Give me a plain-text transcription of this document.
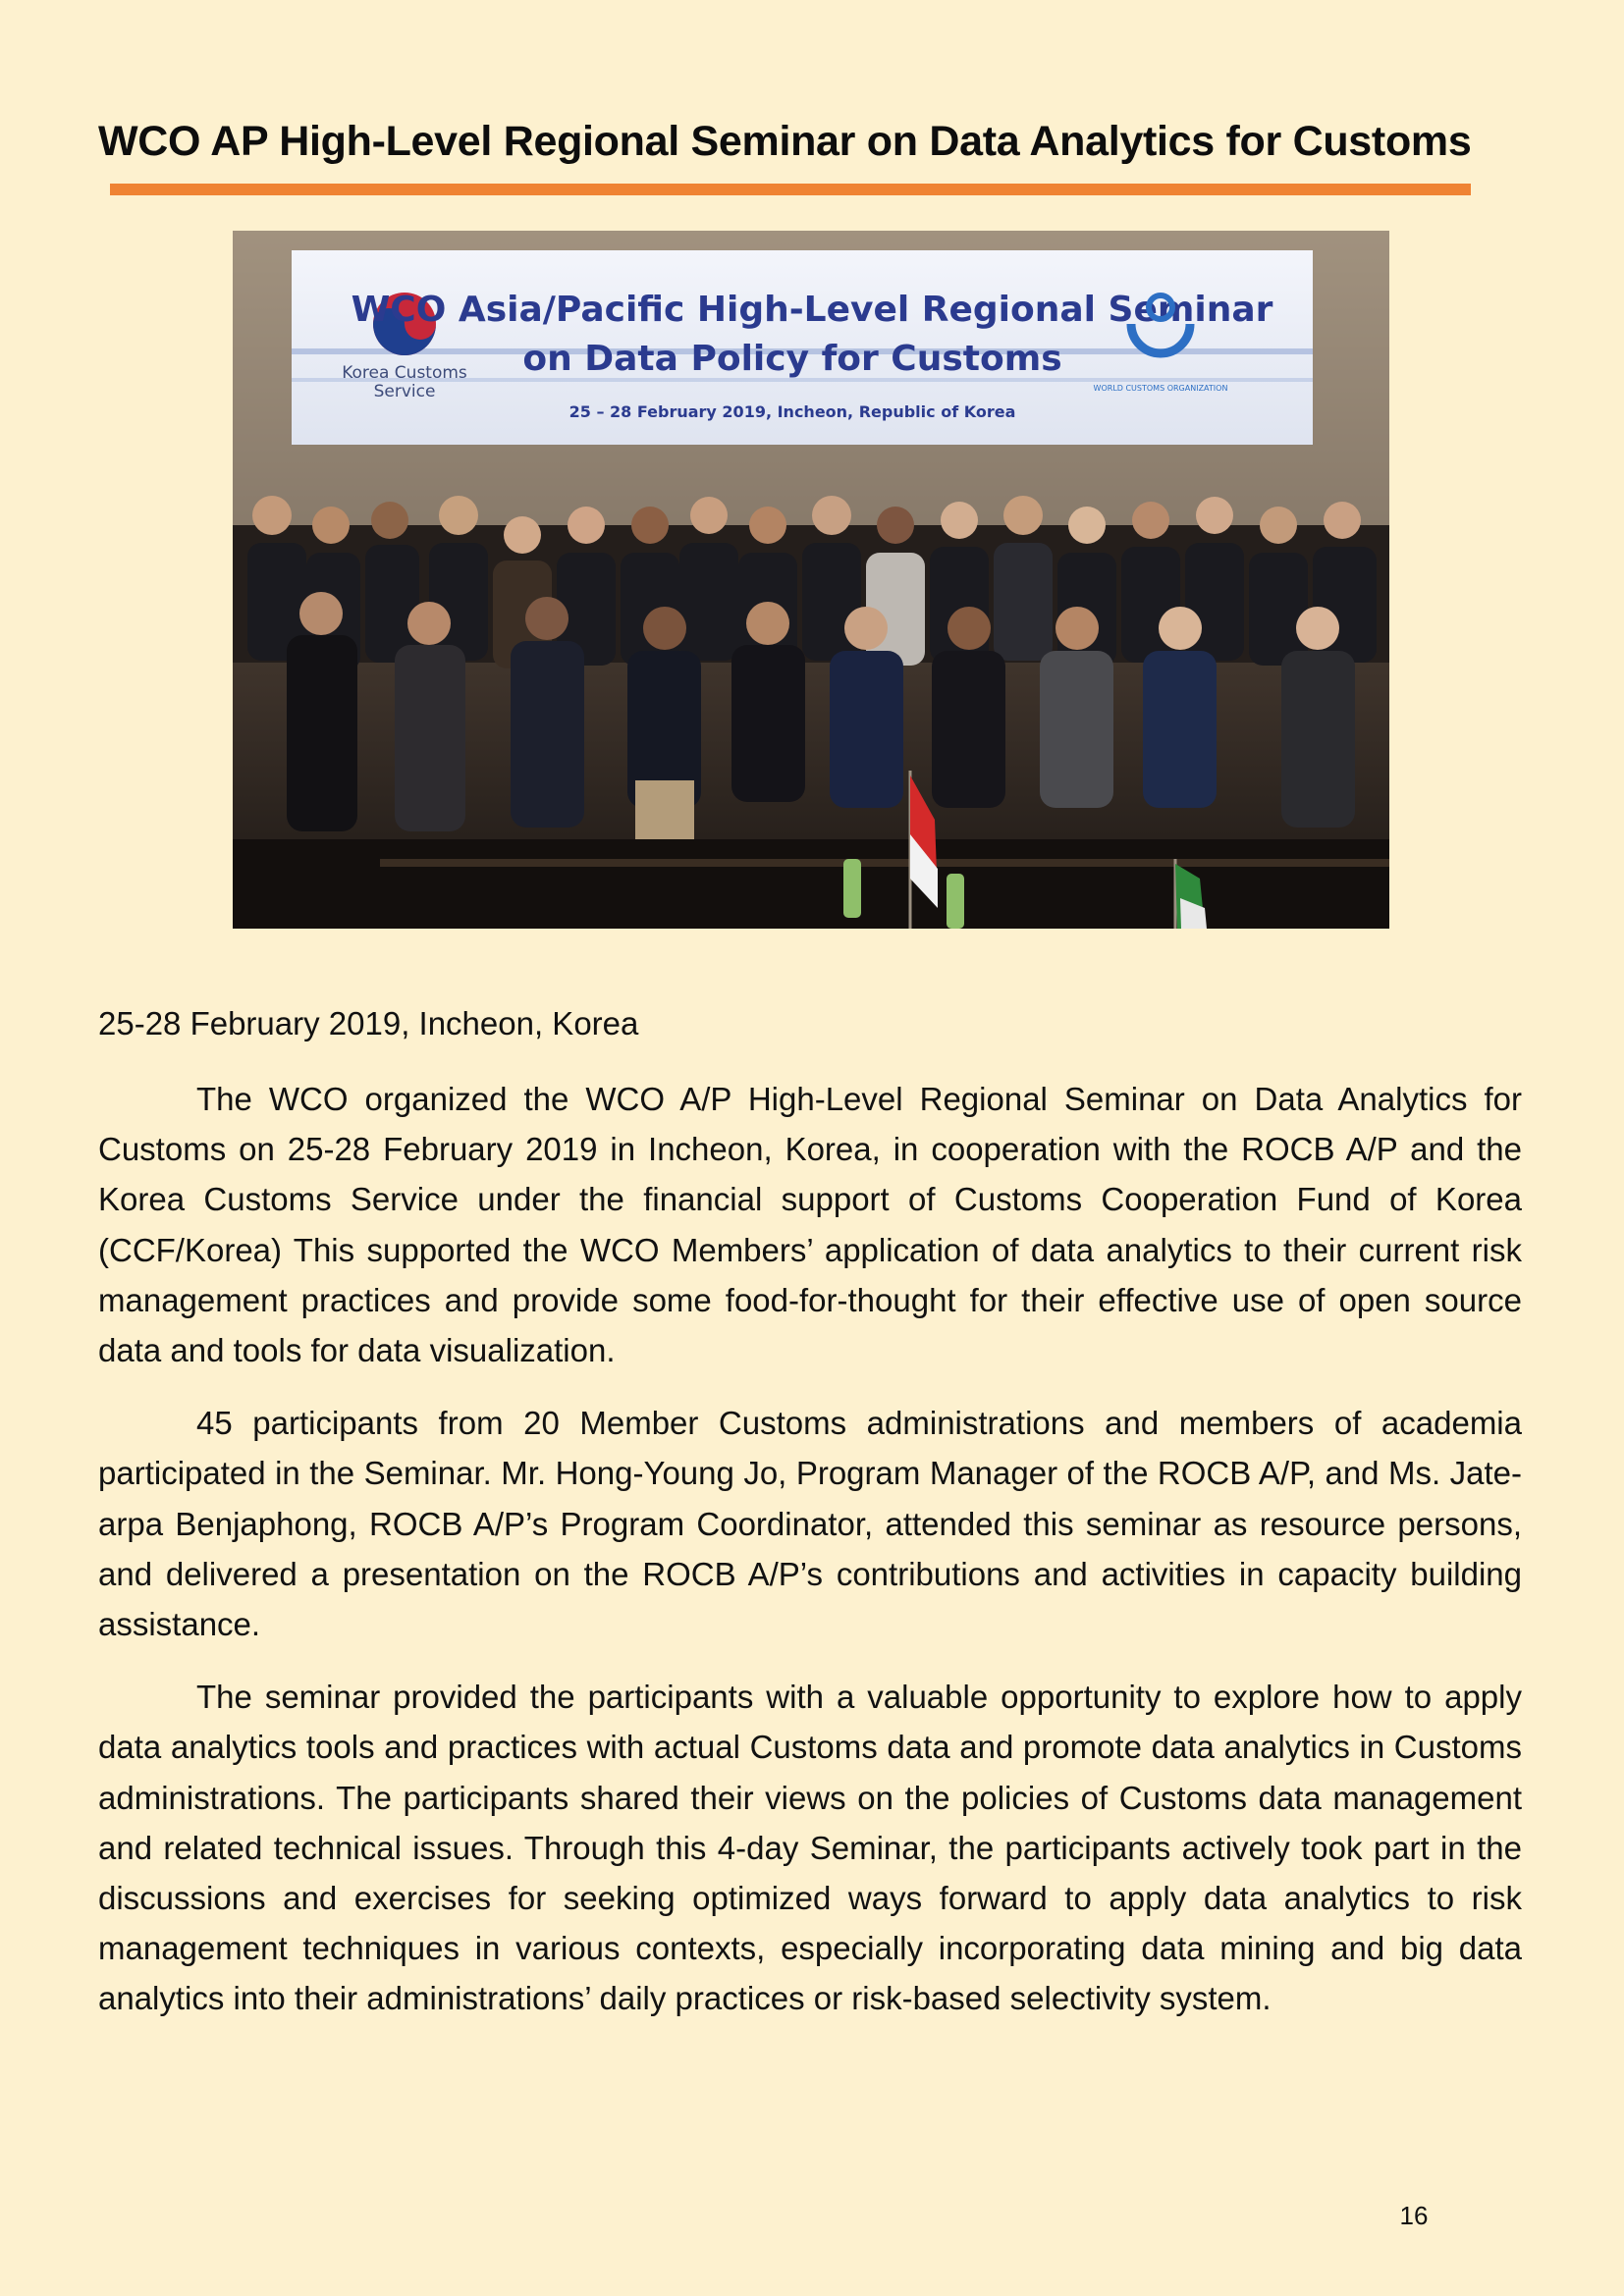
WCO AP High-Level Regional Seminar on Data Analytics for Customs
Korea Customs
Service
WCO Asia/Pacific High-Level Regional Seminar
on Data Policy for Customs
25 – 28 February 2019, Incheon, Republic of Korea
WORLD CUSTOMS ORGANIZATION
25-28 February 2019, Incheon, Korea

The WCO organized the WCO A/P High-Level Regional Seminar on Data Analytics for Customs on 25-28 February 2019 in Incheon, Korea, in cooperation with the ROCB A/P and the Korea Customs Service under the financial support of Customs Cooperation Fund of Korea (CCF/Korea) This supported the WCO Members’ application of data analytics to their current risk management practices and provide some food-for-thought for their effective use of open source data and tools for data visualization.

45 participants from 20 Member Customs administrations and members of academia participated in the Seminar. Mr. Hong-Young Jo, Program Manager of the ROCB A/P, and Ms. Jate-arpa Benjaphong, ROCB A/P’s Program Coordinator, attended this seminar as resource persons, and delivered a presentation on the ROCB A/P’s contributions and activities in capacity building assistance.

The seminar provided the participants with a valuable opportunity to explore how to apply data analytics tools and practices with actual Customs data and promote data analytics in Customs administrations. The participants shared their views on the policies of Customs data management and related technical issues. Through this 4-day Seminar, the participants actively took part in the discussions and exercises for seeking optimized ways forward to apply data analytics to risk management techniques in various contexts, especially incorporating data mining and big data analytics into their administrations’ daily practices or risk-based selectivity system.

16
